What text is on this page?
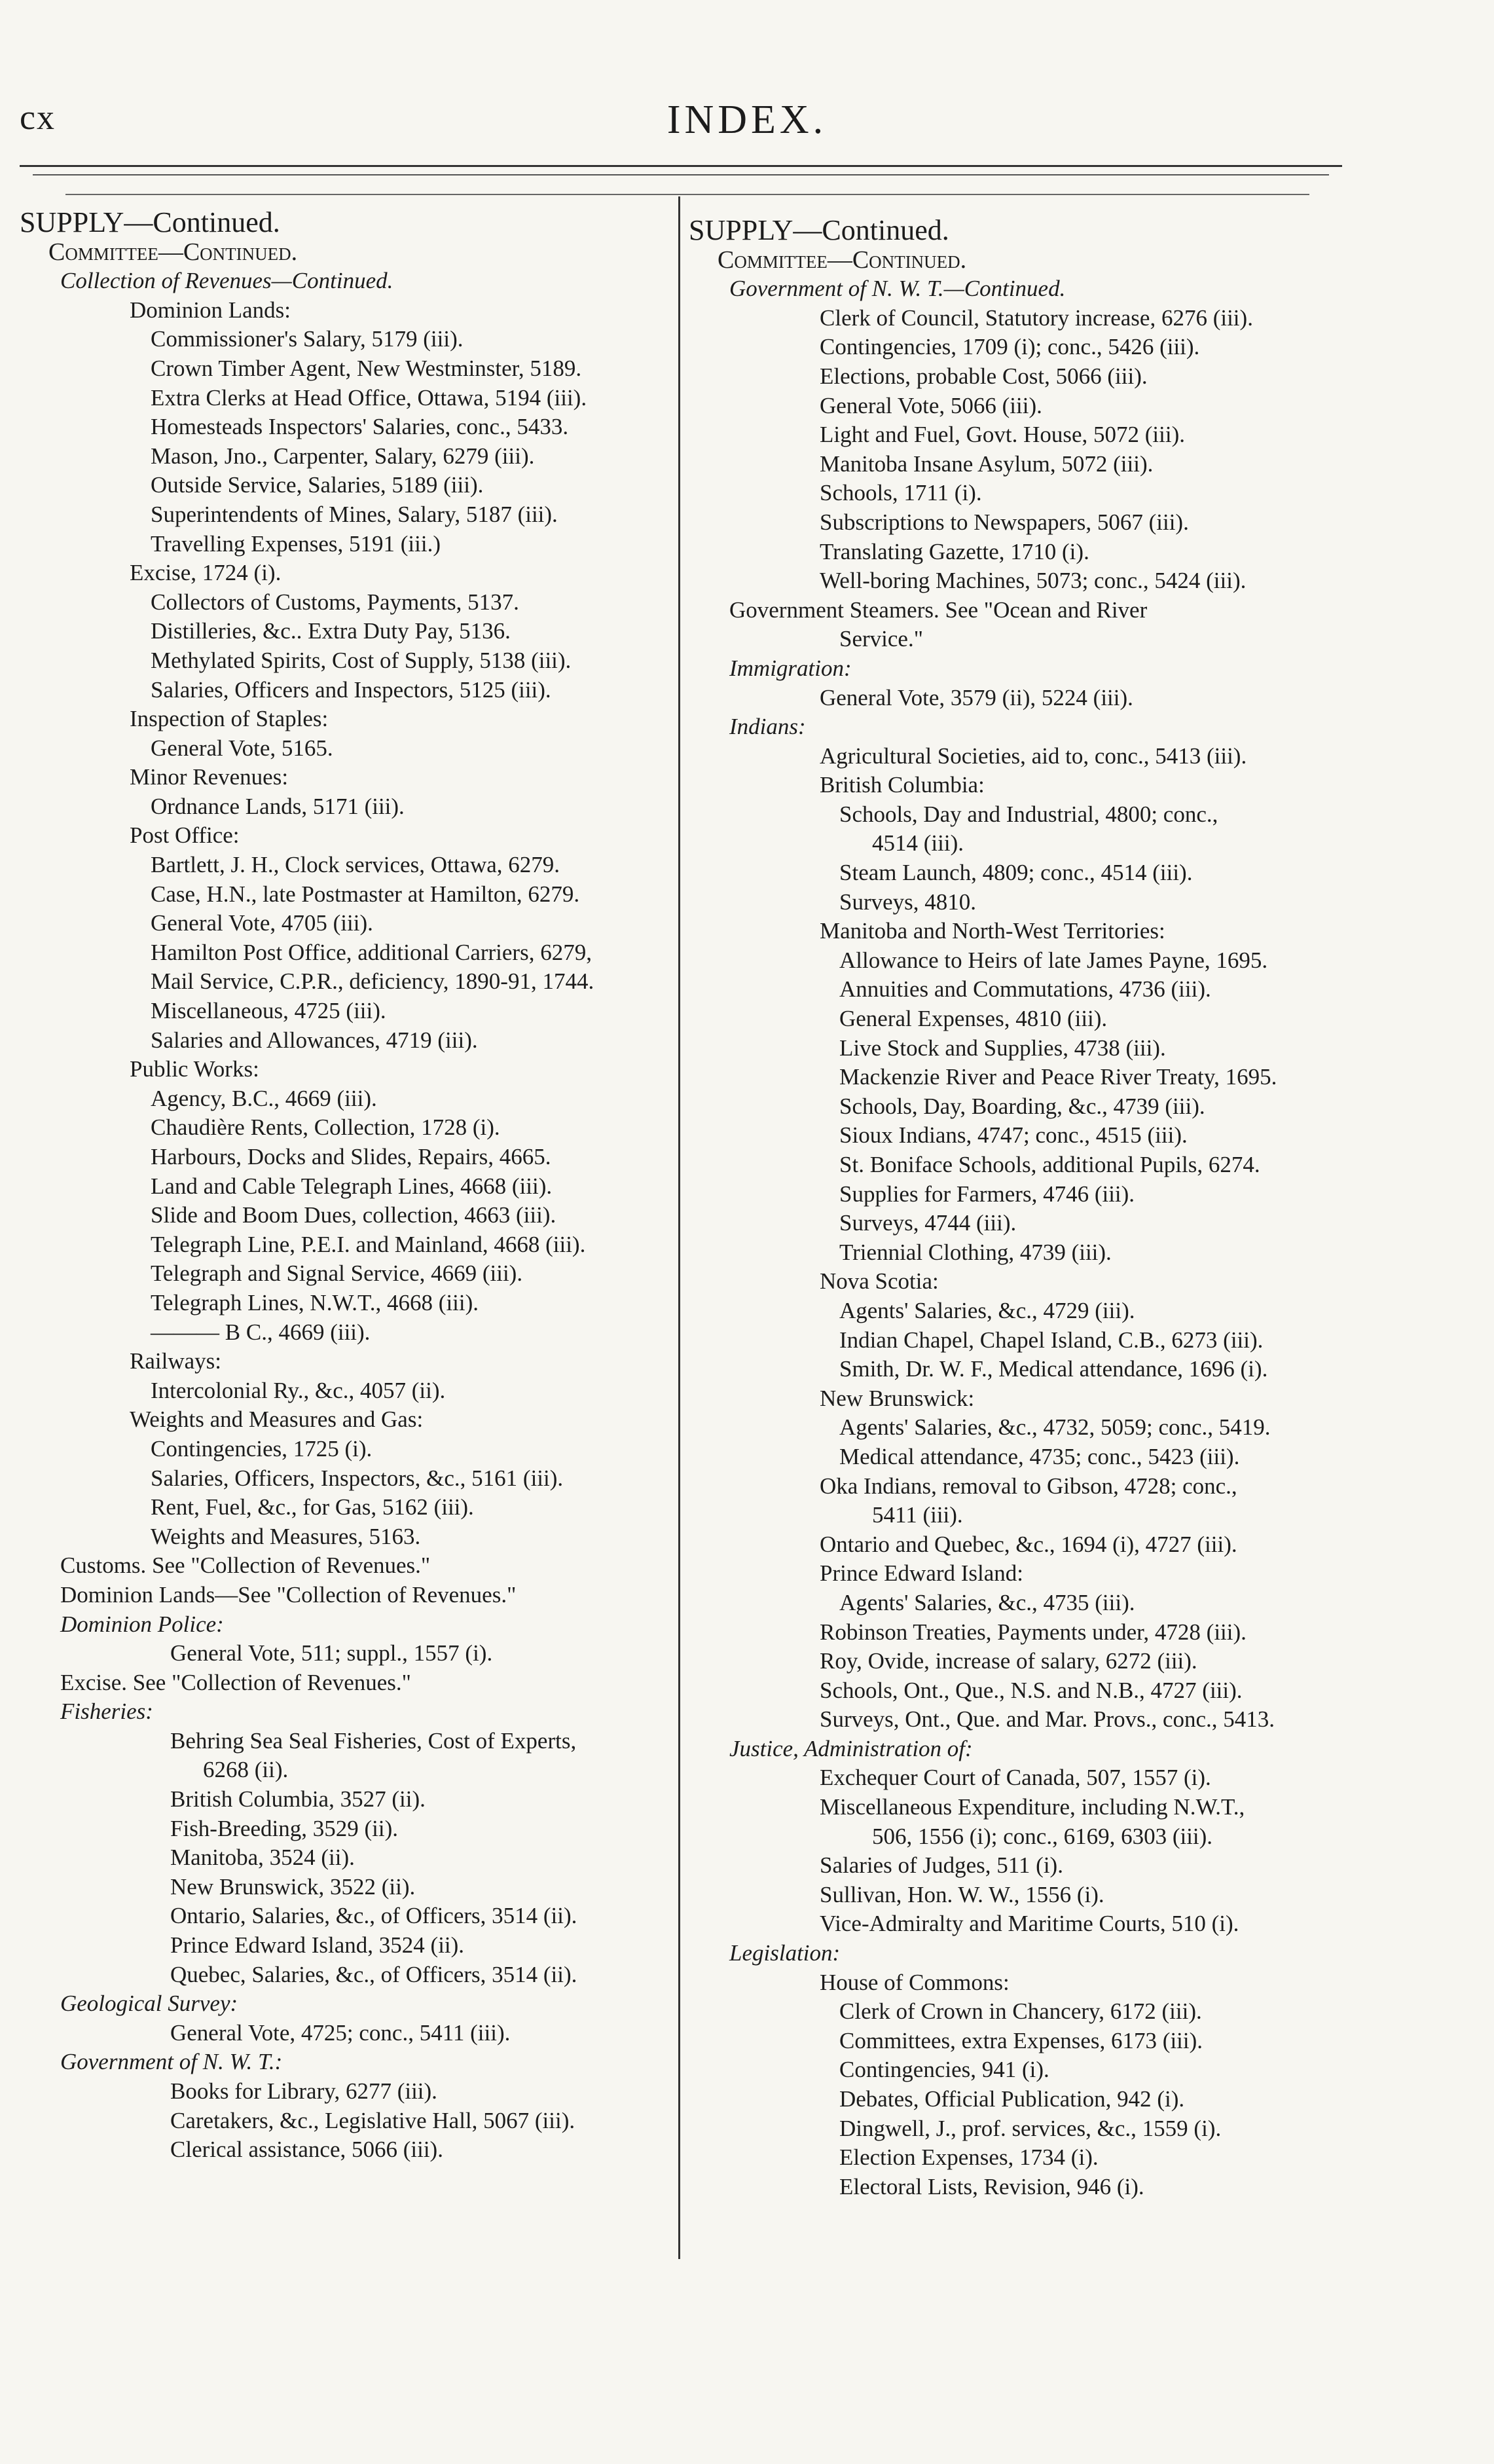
cx	INDEX.
SUPPLY—Continued.
Committee—Continued.
Collection of Revenues—Continued.
Dominion Lands:
Commissioner's Salary, 5179 (iii).
Crown Timber Agent, New Westminster, 5189.
Extra Clerks at Head Office, Ottawa, 5194 (iii).
Homesteads Inspectors' Salaries, conc., 5433.
Mason, Jno., Carpenter, Salary, 6279 (iii).
Outside Service, Salaries, 5189 (iii).
Superintendents of Mines, Salary, 5187 (iii).
Travelling Expenses, 5191 (iii.)
Excise, 1724 (i).
Collectors of Customs, Payments, 5137.
Distilleries, &c.. Extra Duty Pay, 5136.
Methylated Spirits, Cost of Supply, 5138 (iii).
Salaries, Officers and Inspectors, 5125 (iii).
Inspection of Staples:
General Vote, 5165.
Minor Revenues:
Ordnance Lands, 5171 (iii).
Post Office:
Bartlett, J. H., Clock services, Ottawa, 6279.
Case, H.N., late Postmaster at Hamilton, 6279.
General Vote, 4705 (iii).
Hamilton Post Office, additional Carriers, 6279,
Mail Service, C.P.R., deficiency, 1890-91, 1744.
Miscellaneous, 4725 (iii).
Salaries and Allowances, 4719 (iii).
Public Works:
Agency, B.C., 4669 (iii).
Chaudière Rents, Collection, 1728 (i).
Harbours, Docks and Slides, Repairs, 4665.
Land and Cable Telegraph Lines, 4668 (iii).
Slide and Boom Dues, collection, 4663 (iii).
Telegraph Line, P.E.I. and Mainland, 4668 (iii).
Telegraph and Signal Service, 4669 (iii).
Telegraph Lines, N.W.T., 4668 (iii).
——— B C., 4669 (iii).
Railways:
Intercolonial Ry., &c., 4057 (ii).
Weights and Measures and Gas:
Contingencies, 1725 (i).
Salaries, Officers, Inspectors, &c., 5161 (iii).
Rent, Fuel, &c., for Gas, 5162 (iii).
Weights and Measures, 5163.
Customs. See "Collection of Revenues."
Dominion Lands—See "Collection of Revenues."
Dominion Police:
General Vote, 511; suppl., 1557 (i).
Excise. See "Collection of Revenues."
Fisheries:
Behring Sea Seal Fisheries, Cost of Experts,
6268 (ii).
British Columbia, 3527 (ii).
Fish-Breeding, 3529 (ii).
Manitoba, 3524 (ii).
New Brunswick, 3522 (ii).
Ontario, Salaries, &c., of Officers, 3514 (ii).
Prince Edward Island, 3524 (ii).
Quebec, Salaries, &c., of Officers, 3514 (ii).
Geological Survey:
General Vote, 4725; conc., 5411 (iii).
Government of N. W. T.:
Books for Library, 6277 (iii).
Caretakers, &c., Legislative Hall, 5067 (iii).
Clerical assistance, 5066 (iii).
SUPPLY—Continued.
Committee—Continued.
Government of N. W. T.—Continued.
Clerk of Council, Statutory increase, 6276 (iii).
Contingencies, 1709 (i); conc., 5426 (iii).
Elections, probable Cost, 5066 (iii).
General Vote, 5066 (iii).
Light and Fuel, Govt. House, 5072 (iii).
Manitoba Insane Asylum, 5072 (iii).
Schools, 1711 (i).
Subscriptions to Newspapers, 5067 (iii).
Translating Gazette, 1710 (i).
Well-boring Machines, 5073; conc., 5424 (iii).
Government Steamers. See "Ocean and River
Service."
Immigration:
General Vote, 3579 (ii), 5224 (iii).
Indians:
Agricultural Societies, aid to, conc., 5413 (iii).
British Columbia:
Schools, Day and Industrial, 4800; conc.,
4514 (iii).
Steam Launch, 4809; conc., 4514 (iii).
Surveys, 4810.
Manitoba and North-West Territories:
Allowance to Heirs of late James Payne, 1695.
Annuities and Commutations, 4736 (iii).
General Expenses, 4810 (iii).
Live Stock and Supplies, 4738 (iii).
Mackenzie River and Peace River Treaty, 1695.
Schools, Day, Boarding, &c., 4739 (iii).
Sioux Indians, 4747; conc., 4515 (iii).
St. Boniface Schools, additional Pupils, 6274.
Supplies for Farmers, 4746 (iii).
Surveys, 4744 (iii).
Triennial Clothing, 4739 (iii).
Nova Scotia:
Agents' Salaries, &c., 4729 (iii).
Indian Chapel, Chapel Island, C.B., 6273 (iii).
Smith, Dr. W. F., Medical attendance, 1696 (i).
New Brunswick:
Agents' Salaries, &c., 4732, 5059; conc., 5419.
Medical attendance, 4735; conc., 5423 (iii).
Oka Indians, removal to Gibson, 4728; conc.,
5411 (iii).
Ontario and Quebec, &c., 1694 (i), 4727 (iii).
Prince Edward Island:
Agents' Salaries, &c., 4735 (iii).
Robinson Treaties, Payments under, 4728 (iii).
Roy, Ovide, increase of salary, 6272 (iii).
Schools, Ont., Que., N.S. and N.B., 4727 (iii).
Surveys, Ont., Que. and Mar. Provs., conc., 5413.
Justice, Administration of:
Exchequer Court of Canada, 507, 1557 (i).
Miscellaneous Expenditure, including N.W.T.,
506, 1556 (i); conc., 6169, 6303 (iii).
Salaries of Judges, 511 (i).
Sullivan, Hon. W. W., 1556 (i).
Vice-Admiralty and Maritime Courts, 510 (i).
Legislation:
House of Commons:
Clerk of Crown in Chancery, 6172 (iii).
Committees, extra Expenses, 6173 (iii).
Contingencies, 941 (i).
Debates, Official Publication, 942 (i).
Dingwell, J., prof. services, &c., 1559 (i).
Election Expenses, 1734 (i).
Electoral Lists, Revision, 946 (i).
